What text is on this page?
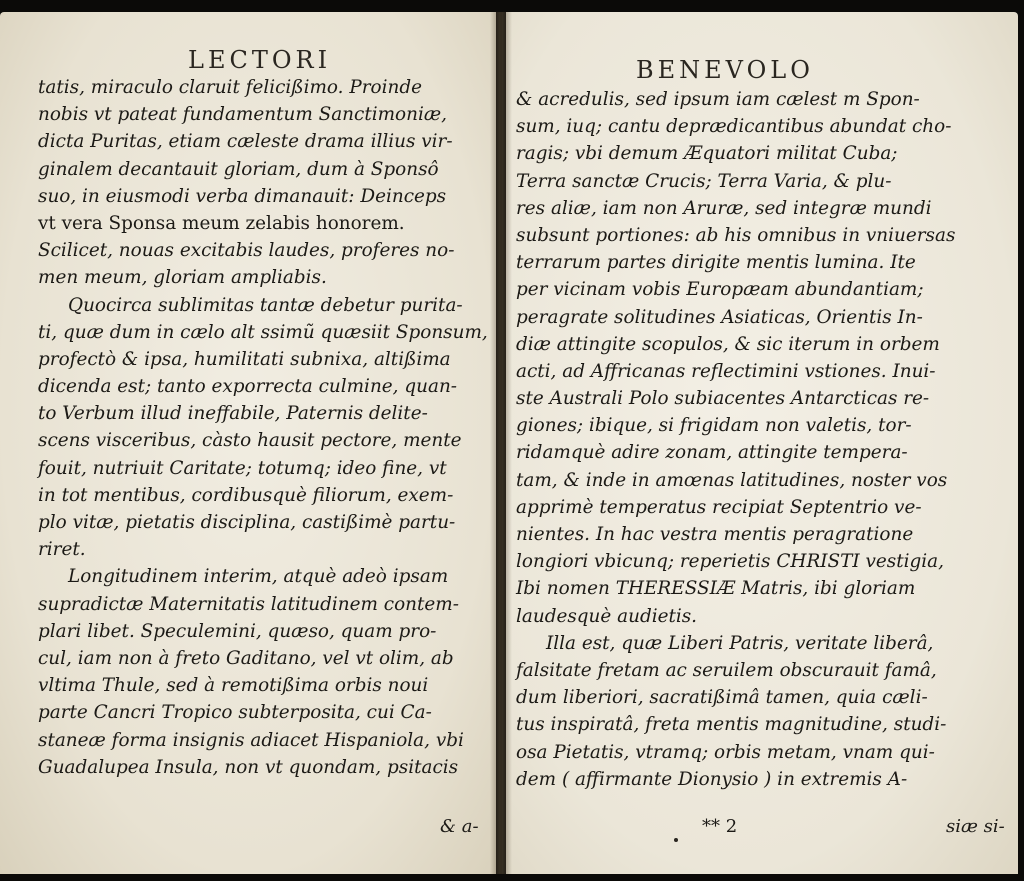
LECTORI
tatis, miraculo claruit felicißimo. Proinde
nobis vt pateat fundamentum Sanctimoniæ,
dicta Puritas, etiam cæleste drama illius vir-
ginalem decantauit gloriam, dum à Sponsô
suo, in eiusmodi verba dimanauit: Deinceps
vt vera Sponsa meum zelabis honorem.
Scilicet, nouas excitabis laudes, proferes no-
men meum, gloriam ampliabis.
Quocirca sublimitas tantæ debetur purita-
ti, quæ dum in cælo alt ssimũ quæsiit Sponsum,
profectò & ipsa, humilitati subnixa, altißima
dicenda est; tanto exporrecta culmine, quan-
to Verbum illud ineffabile, Paternis delite-
scens visceribus, càsto hausit pectore, mente
fouit, nutriuit Caritate; totumq; ideo fine, vt
in tot mentibus, cordibusquè filiorum, exem-
plo vitæ, pietatis disciplina, castißimè partu-
riret.
Longitudinem interim, atquè adeò ipsam
supradictæ Maternitatis latitudinem contem-
plari libet. Speculemini, quæso, quam pro-
cul, iam non à freto Gaditano, vel vt olim, ab
vltima Thule, sed à remotißima orbis noui
parte Cancri Tropico subterposita, cui Ca-
staneæ forma insignis adiacet Hispaniola, vbi
Guadalupea Insula, non vt quondam, psitacis
& a-
BENEVOLO
& acredulis, sed ipsum iam cælest m Spon-
sum, iuq; cantu deprædicantibus abundat cho-
ragis; vbi demum Æquatori militat Cuba;
Terra sanctæ Crucis; Terra Varia, & plu-
res aliæ, iam non Aruræ, sed integræ mundi
subsunt portiones: ab his omnibus in vniuersas
terrarum partes dirigite mentis lumina. Ite
per vicinam vobis Europæam abundantiam;
peragrate solitudines Asiaticas, Orientis In-
diæ attingite scopulos, & sic iterum in orbem
acti, ad Affricanas reflectimini vstiones. Inui-
ste Australi Polo subiacentes Antarcticas re-
giones; ibique, si frigidam non valetis, tor-
ridamquè adire zonam, attingite tempera-
tam, & inde in amœnas latitudines, noster vos
apprimè temperatus recipiat Septentrio ve-
nientes. In hac vestra mentis peragratione
longiori vbicunq; reperietis CHRISTI vestigia,
Ibi nomen THERESSIÆ Matris, ibi gloriam
laudesquè audietis.
Illa est, quæ Liberi Patris, veritate liberâ,
falsitate fretam ac seruilem obscurauit famâ,
dum liberiori, sacratißimâ tamen, quia cæli-
tus inspiratâ, freta mentis magnitudine, studi-
osa Pietatis, vtramq; orbis metam, vnam qui-
dem ( affirmante Dionysio ) in extremis A-
** 2	siæ si-
